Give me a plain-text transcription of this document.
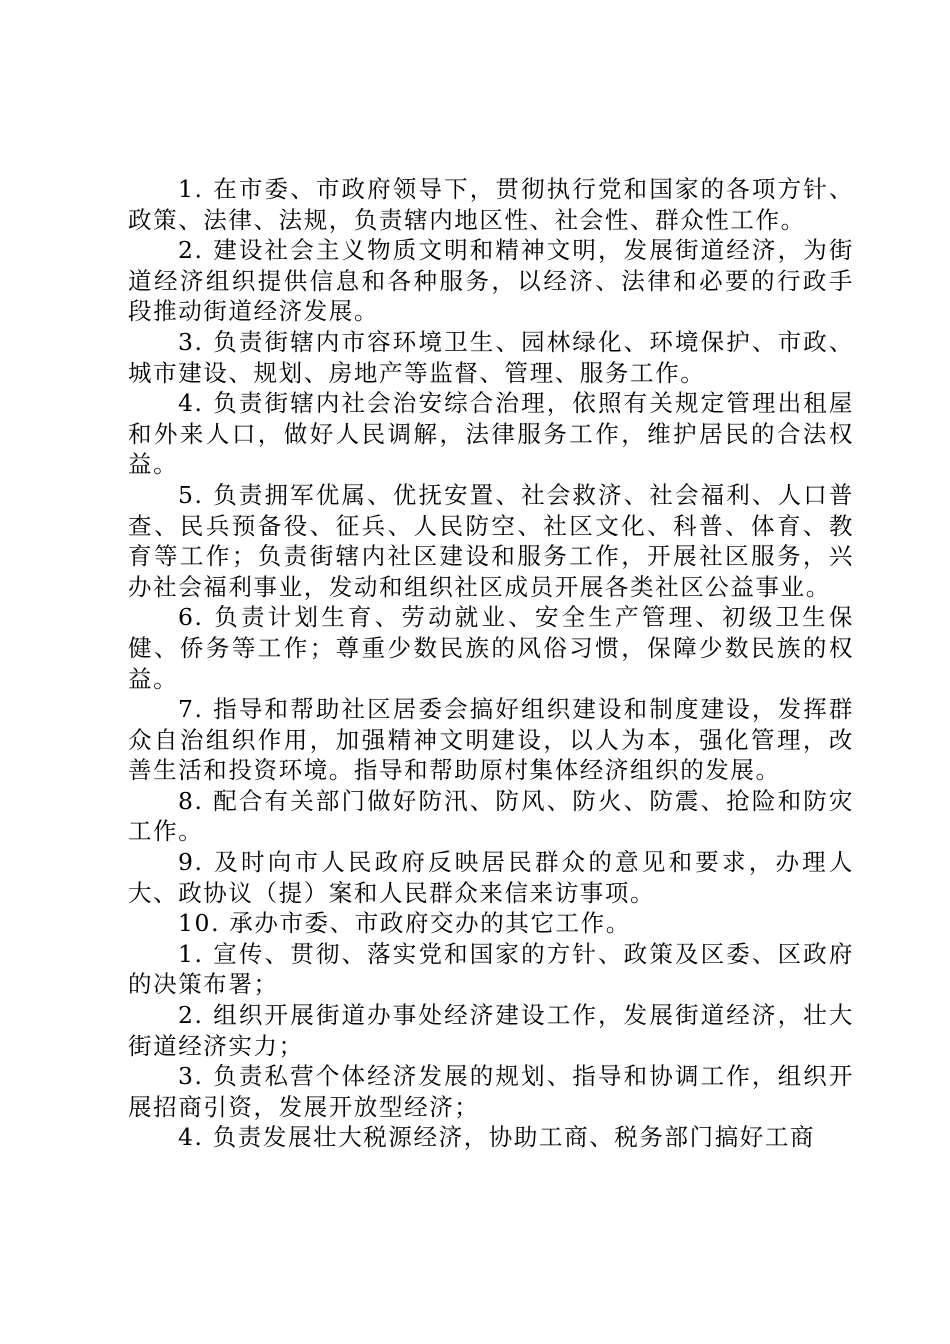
1. 在市委、市政府领导下，贯彻执行党和国家的各项方针、政策、法律、法规，负责辖内地区性、社会性、群众性工作。

2. 建设社会主义物质文明和精神文明，发展街道经济，为街道经济组织提供信息和各种服务，以经济、法律和必要的行政手段推动街道经济发展。

3. 负责街辖内市容环境卫生、园林绿化、环境保护、市政、城市建设、规划、房地产等监督、管理、服务工作。

4. 负责街辖内社会治安综合治理，依照有关规定管理出租屋和外来人口，做好人民调解，法律服务工作，维护居民的合法权益。

5. 负责拥军优属、优抚安置、社会救济、社会福利、人口普查、民兵预备役、征兵、人民防空、社区文化、科普、体育、教育等工作；负责街辖内社区建设和服务工作，开展社区服务，兴办社会福利事业，发动和组织社区成员开展各类社区公益事业。

6. 负责计划生育、劳动就业、安全生产管理、初级卫生保健、侨务等工作；尊重少数民族的风俗习惯，保障少数民族的权益。

7. 指导和帮助社区居委会搞好组织建设和制度建设，发挥群众自治组织作用，加强精神文明建设，以人为本，强化管理，改善生活和投资环境。指导和帮助原村集体经济组织的发展。

8. 配合有关部门做好防汛、防风、防火、防震、抢险和防灾工作。

9. 及时向市人民政府反映居民群众的意见和要求，办理人大、政协议（提）案和人民群众来信来访事项。

10. 承办市委、市政府交办的其它工作。

1. 宣传、贯彻、落实党和国家的方针、政策及区委、区政府的决策布署；

2. 组织开展街道办事处经济建设工作，发展街道经济，壮大街道经济实力；

3. 负责私营个体经济发展的规划、指导和协调工作，组织开展招商引资，发展开放型经济；

4. 负责发展壮大税源经济，协助工商、税务部门搞好工商
